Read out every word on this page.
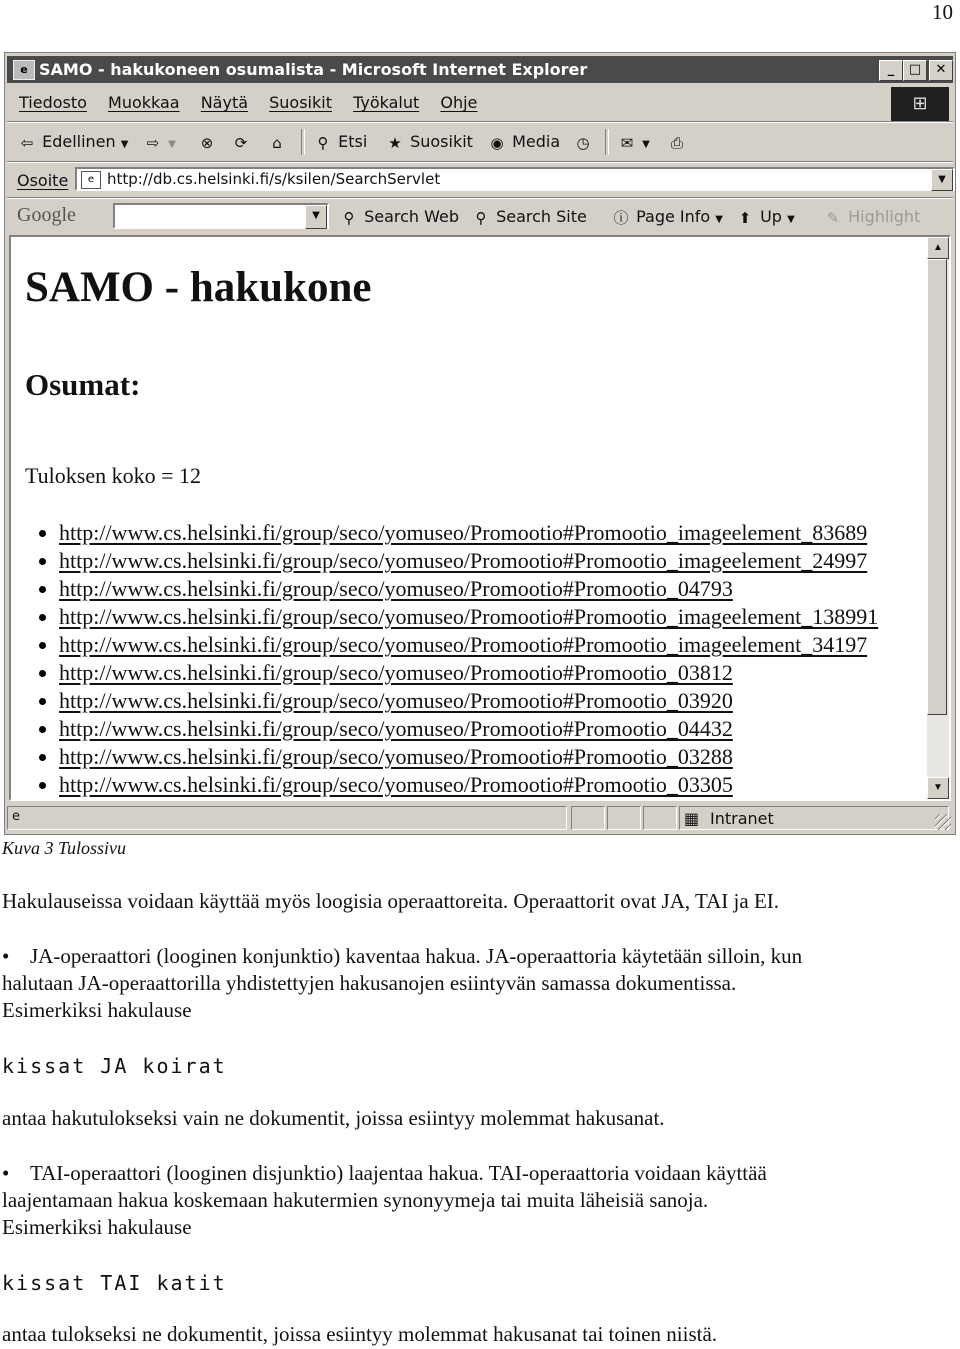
10
e SAMO - hakukoneen osumalista - Microsoft Internet Explorer	_	□	✕
Tiedosto Muokkaa Näytä Suosikit Työkalut Ohje	⊞
⇦ Edellinen ▼ ⇨ ▼ ⊗ ⟳	⌂	⚲ Etsi ★ Suosikit ◉ Media ◷ ✉ ▼ ⎙
Osoite	e http://db.cs.helsinki.fi/s/ksilen/SearchServlet	▼
Google	▼	⚲ Search Web	⚲ Search Site ⓘ Page Info ▼ ⬆ Up ▼ ✎ Highlight
SAMO - hakukone
Osumat:
Tuloksen koko = 12
http://www.cs.helsinki.fi/group/seco/yomuseo/Promootio#Promootio_imageelement_83689
http://www.cs.helsinki.fi/group/seco/yomuseo/Promootio#Promootio_imageelement_24997
http://www.cs.helsinki.fi/group/seco/yomuseo/Promootio#Promootio_04793
http://www.cs.helsinki.fi/group/seco/yomuseo/Promootio#Promootio_imageelement_138991
http://www.cs.helsinki.fi/group/seco/yomuseo/Promootio#Promootio_imageelement_34197
http://www.cs.helsinki.fi/group/seco/yomuseo/Promootio#Promootio_03812
http://www.cs.helsinki.fi/group/seco/yomuseo/Promootio#Promootio_03920
http://www.cs.helsinki.fi/group/seco/yomuseo/Promootio#Promootio_04432
http://www.cs.helsinki.fi/group/seco/yomuseo/Promootio#Promootio_03288
http://www.cs.helsinki.fi/group/seco/yomuseo/Promootio#Promootio_03305
▲
▼
e	▦ Intranet
Kuva 3 Tulossivu
Hakulauseissa voidaan käyttää myös loogisia operaattoreita. Operaattorit ovat JA, TAI ja EI.
• JA-operaattori (looginen konjunktio) kaventaa hakua. JA-operaattoria käytetään silloin, kun
halutaan JA-operaattorilla yhdistettyjen hakusanojen esiintyvän samassa dokumentissa.
Esimerkiksi hakulause
kissat JA koirat
antaa hakutulokseksi vain ne dokumentit, joissa esiintyy molemmat hakusanat.
• TAI-operaattori (looginen disjunktio) laajentaa hakua. TAI-operaattoria voidaan käyttää
laajentamaan hakua koskemaan hakutermien synonyymeja tai muita läheisiä sanoja.
Esimerkiksi hakulause
kissat TAI katit
antaa tulokseksi ne dokumentit, joissa esiintyy molemmat hakusanat tai toinen niistä.
